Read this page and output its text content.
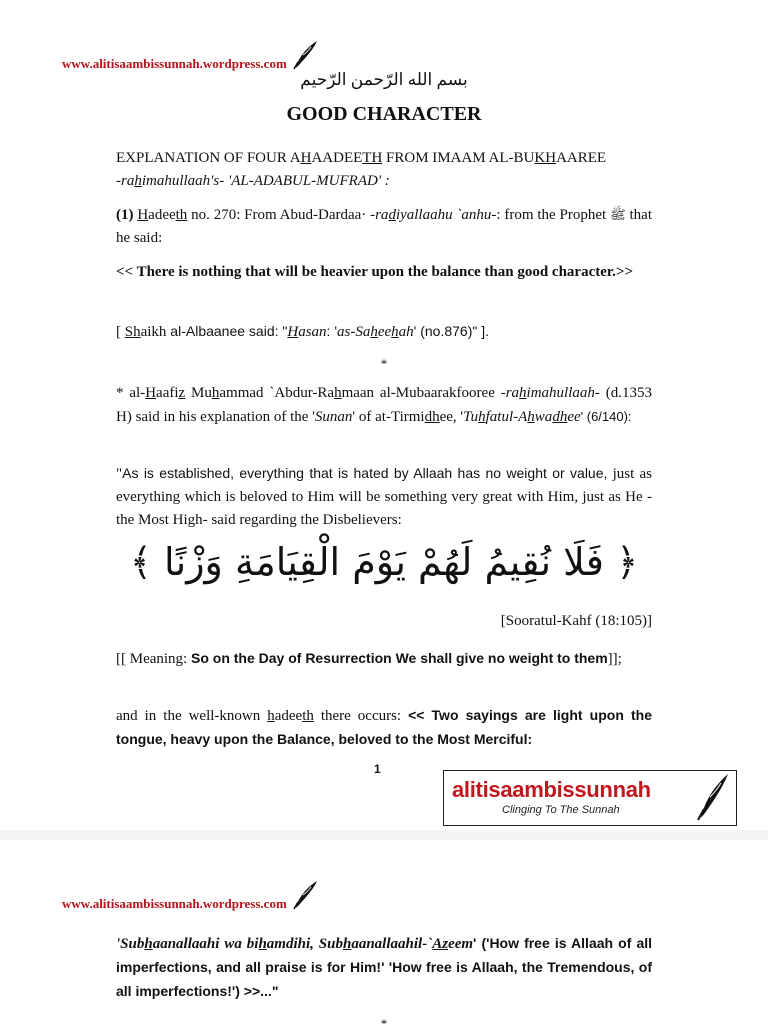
www.alitisaambissunnah.wordpress.com
بسم الله الرّحمن الرّحيم
GOOD CHARACTER
EXPLANATION OF FOUR AHAADEETH FROM IMAAM AL-BUKHAAREE
-rahimahullaah's- 'AL-ADABUL-MUFRAD' :
(1) Hadeeth no. 270: From Abud-Dardaa· -radiyallaahu `anhu-: from the Prophet ﷺ that he said:
<< There is nothing that will be heavier upon the balance than good character.>>
[ Shaikh al-Albaanee said: "Hasan: 'as-Saheehah' (no.876)" ].
*
* al-Haafiz Muhammad `Abdur-Rahmaan al-Mubaarakfooree -rahimahullaah- (d.1353 H) said in his explanation of the 'Sunan' of at-Tirmidhee, 'Tuhfatul-Ahwadhee' (6/140):
"As is established, everything that is hated by Allaah has no weight or value, just as everything which is beloved to Him will be something very great with Him, just as He -the Most High- said regarding the Disbelievers:
﴿ فَلَا نُقِيمُ لَهُمْ يَوْمَ الْقِيَامَةِ وَزْنًا ﴾
[Sooratul-Kahf (18:105)]
[[ Meaning: So on the Day of Resurrection We shall give no weight to them]];
and in the well-known hadeeth there occurs: << Two sayings are light upon the tongue, heavy upon the Balance, beloved to the Most Merciful:
1
alitisaambissunnah
Clinging To The Sunnah
www.alitisaambissunnah.wordpress.com
'Subhaanallaahi wa bihamdihi, Subhaanallaahil-`Azeem' ('How free is Allaah of all imperfections, and all praise is for Him!' 'How free is Allaah, the Tremendous, of all imperfections!') >>..."
*
